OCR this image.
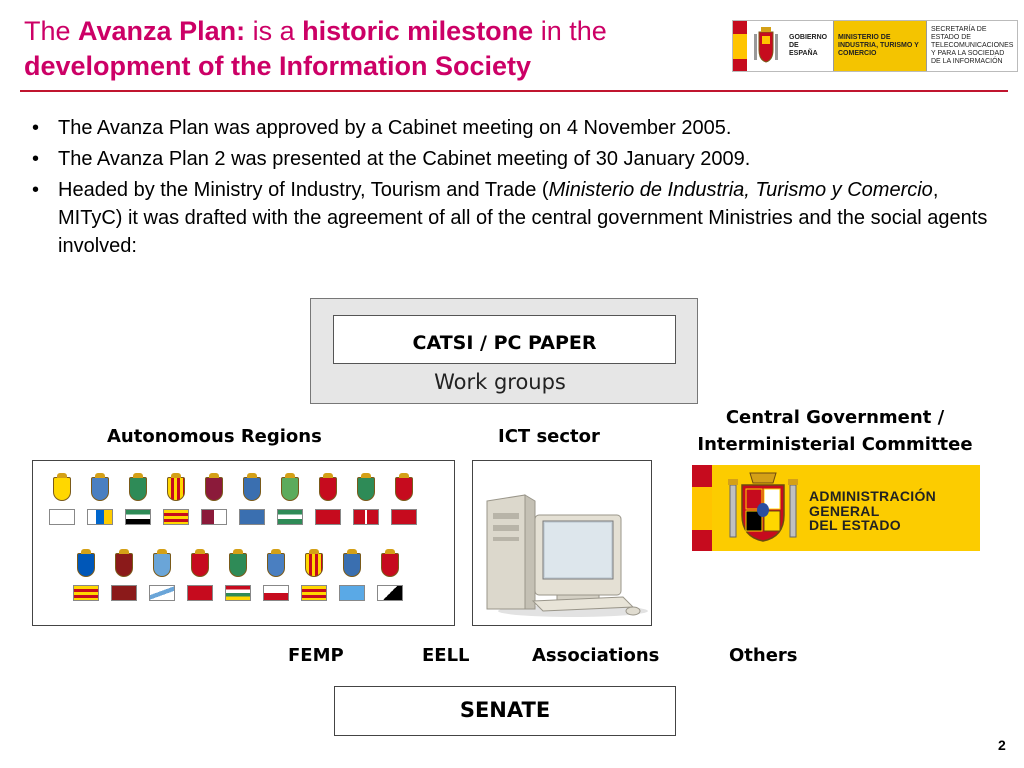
The Avanza Plan: is a historic milestone in the
development of the Information Society
GOBIERNO DE ESPAÑA
MINISTERIO DE INDUSTRIA, TURISMO Y COMERCIO
SECRETARÍA DE ESTADO DE TELECOMUNICACIONES Y PARA LA SOCIEDAD DE LA INFORMACIÓN
• The Avanza Plan was approved by a Cabinet meeting on 4 November 2005.
• The Avanza Plan 2 was presented at the Cabinet meeting of 30 January 2009.
• Headed by the Ministry of Industry, Tourism and Trade (Ministerio de Industria, Turismo y Comercio, MITyC) it was drafted with the agreement of all of the central government Ministries and the social agents involved:
CATSI / PC PAPER
Work groups
Autonomous Regions	ICT sector
Central Government /
Interministerial Committee
ADMINISTRACIÓN
GENERAL
DEL ESTADO
FEMP	EELL	Associations	Others
SENATE
2
